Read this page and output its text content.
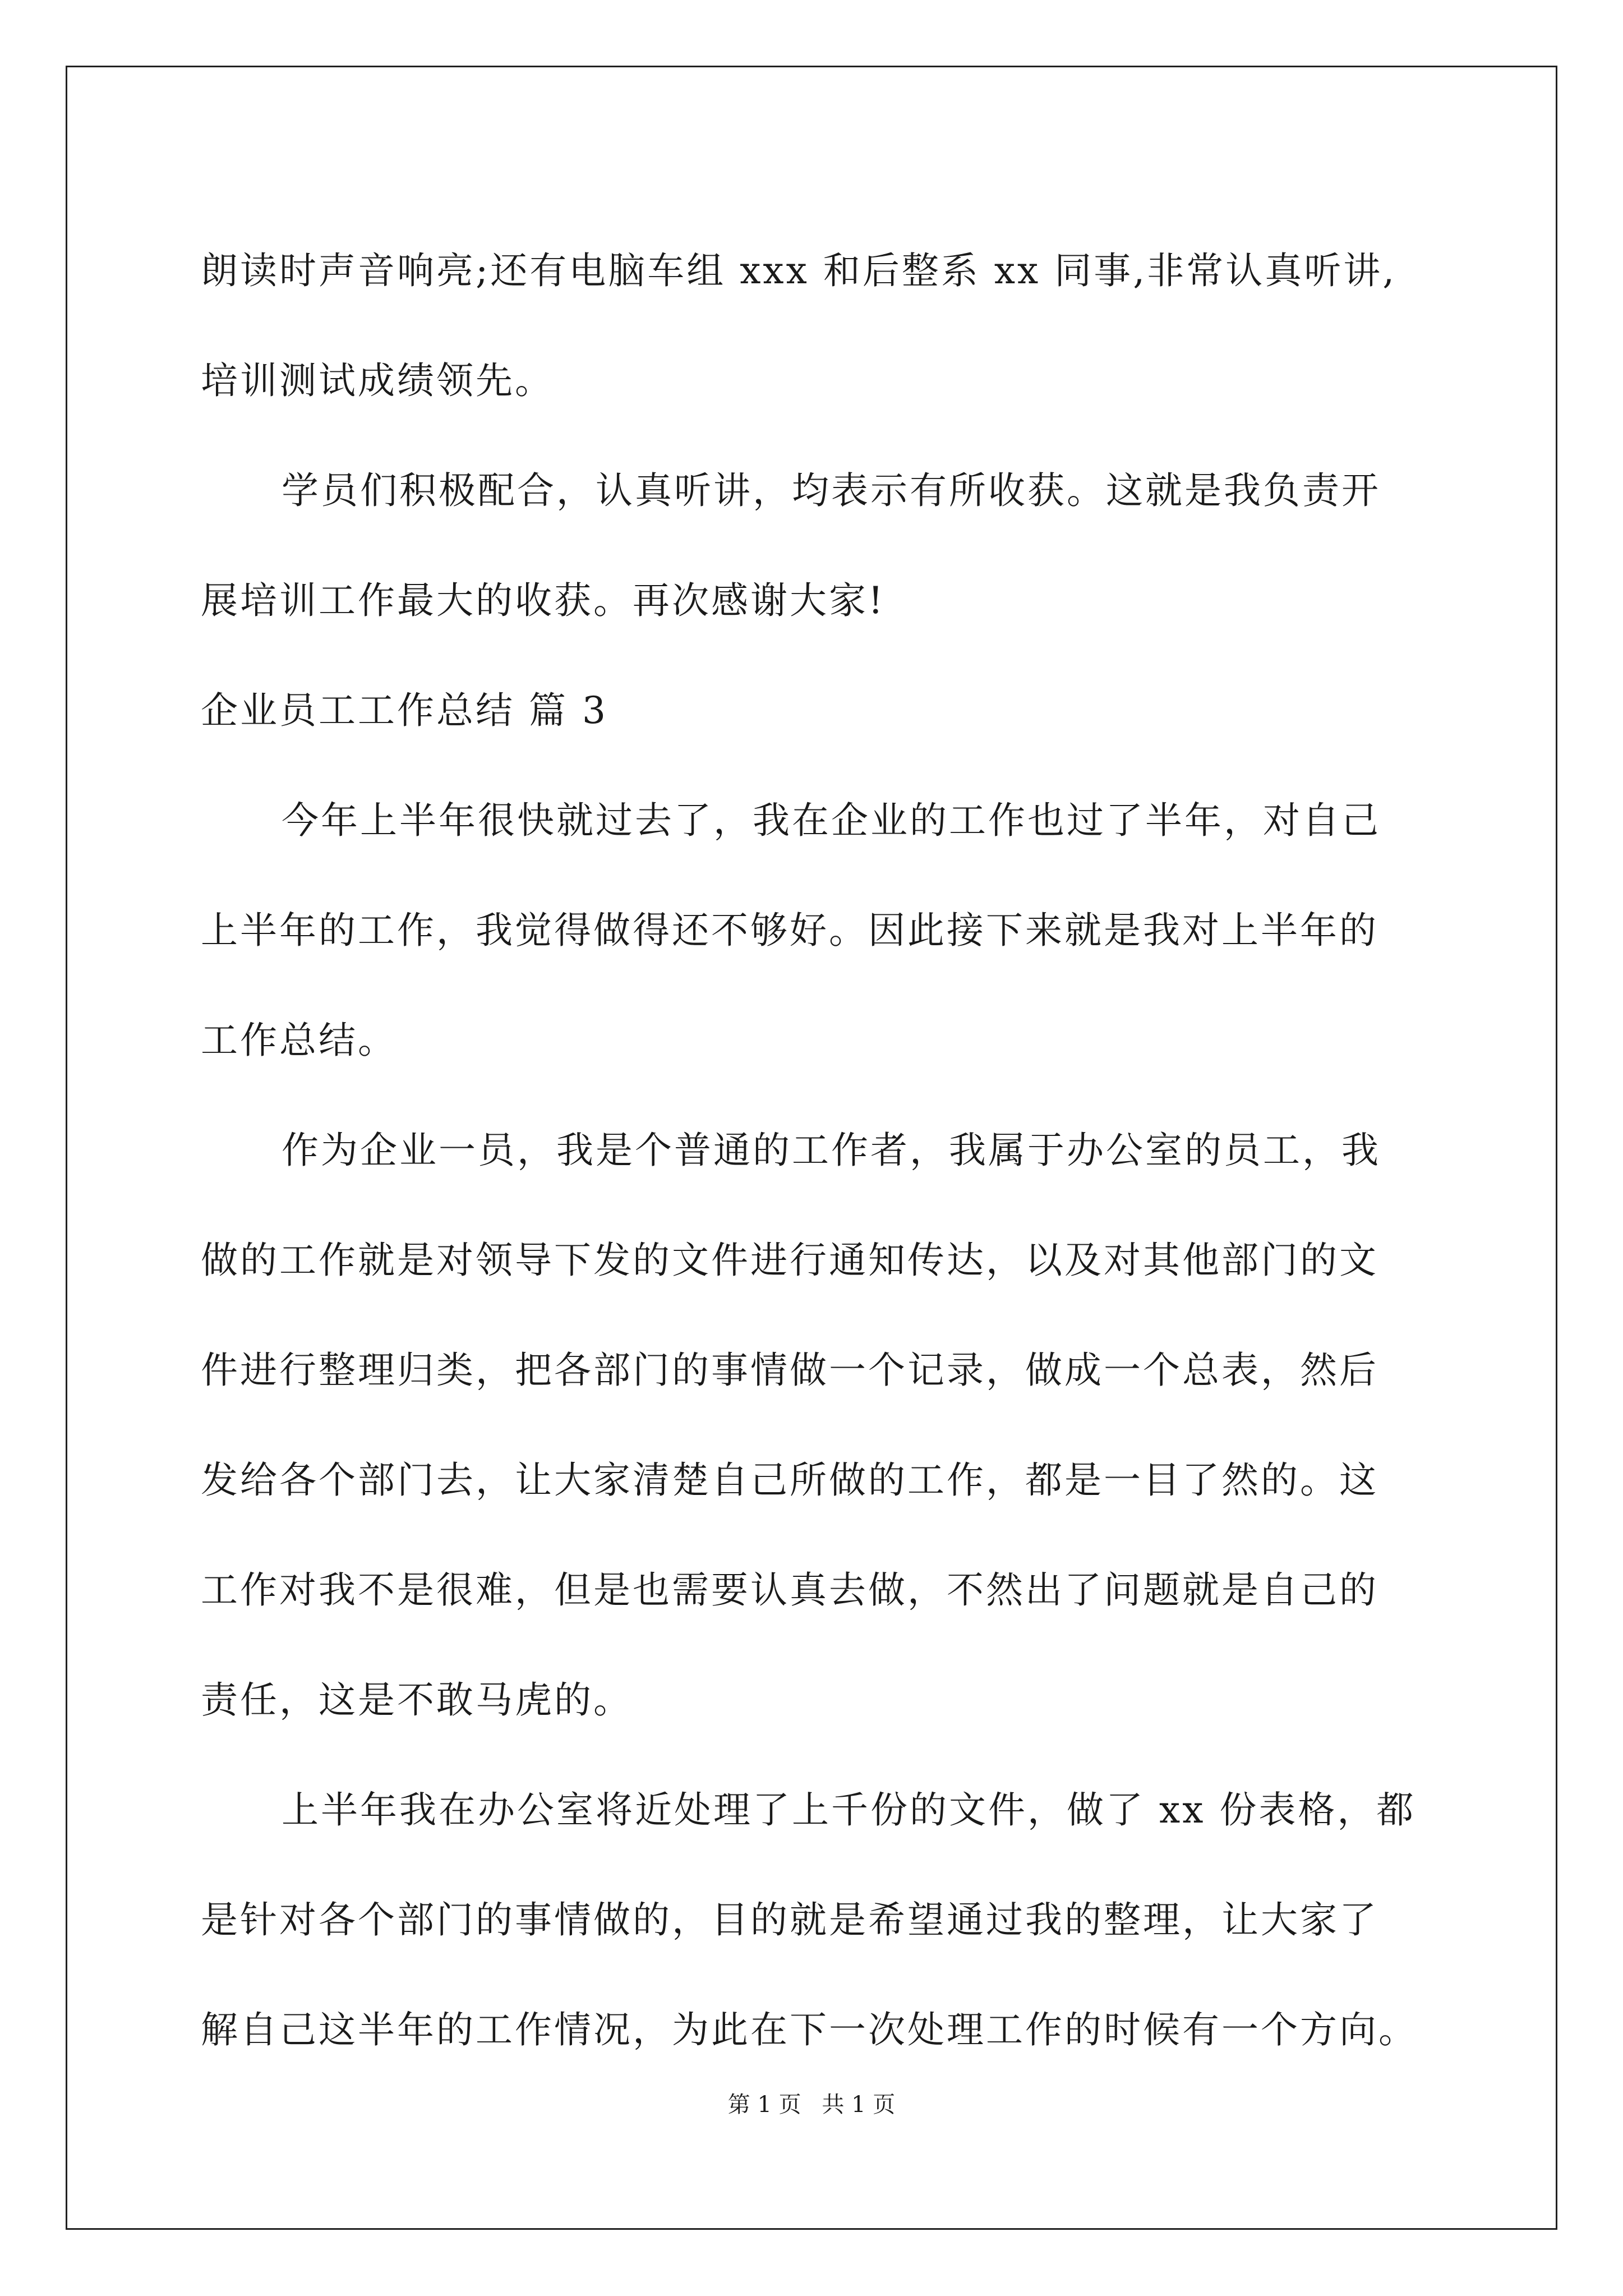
朗读时声音响亮;还有电脑车组 xxx 和后整系 xx 同事,非常认真听讲,
培训测试成绩领先。
学员们积极配合，认真听讲，均表示有所收获。这就是我负责开
展培训工作最大的收获。再次感谢大家!
企业员工工作总结 篇 3
今年上半年很快就过去了，我在企业的工作也过了半年，对自己
上半年的工作，我觉得做得还不够好。因此接下来就是我对上半年的
工作总结。
作为企业一员，我是个普通的工作者，我属于办公室的员工，我
做的工作就是对领导下发的文件进行通知传达，以及对其他部门的文
件进行整理归类，把各部门的事情做一个记录，做成一个总表，然后
发给各个部门去，让大家清楚自己所做的工作，都是一目了然的。这
工作对我不是很难，但是也需要认真去做，不然出了问题就是自己的
责任，这是不敢马虎的。
上半年我在办公室将近处理了上千份的文件，做了 xx 份表格，都
是针对各个部门的事情做的，目的就是希望通过我的整理，让大家了
解自己这半年的工作情况，为此在下一次处理工作的时候有一个方向。
第 1 页 共 1 页
